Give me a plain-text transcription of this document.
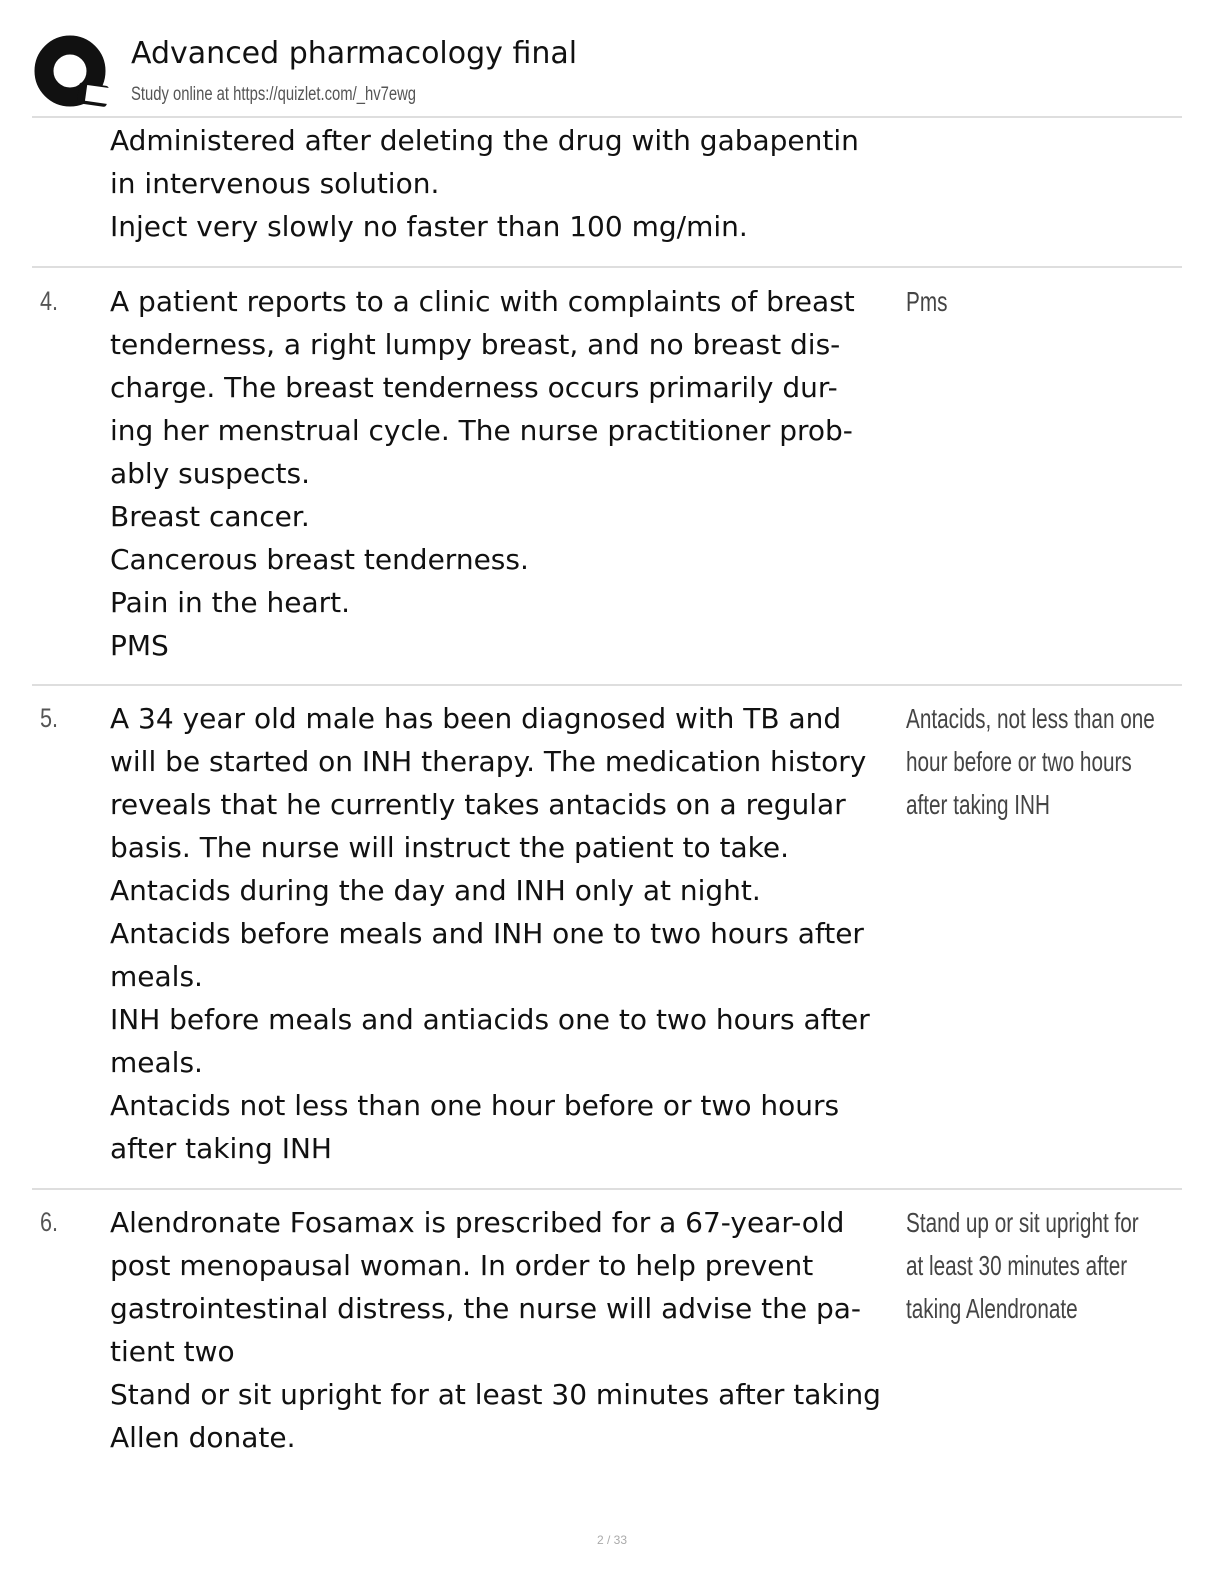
Advanced pharmacology final
Study online at https://quizlet.com/_hv7ewg
Administered after deleting the drug with gabapentin
in intervenous solution.
Inject very slowly no faster than 100 mg/min.
4. A patient reports to a clinic with complaints of breast
tenderness, a right lumpy breast, and no breast dis-
charge. The breast tenderness occurs primarily dur-
ing her menstrual cycle. The nurse practitioner prob-
ably suspects.
Breast cancer.
Cancerous breast tenderness.
Pain in the heart.
PMS
Pms
5. A 34 year old male has been diagnosed with TB and
will be started on INH therapy. The medication history
reveals that he currently takes antacids on a regular
basis. The nurse will instruct the patient to take.
Antacids during the day and INH only at night.
Antacids before meals and INH one to two hours after
meals.
INH before meals and antiacids one to two hours after
meals.
Antacids not less than one hour before or two hours
after taking INH
Antacids, not less than one
hour before or two hours
after taking INH
6. Alendronate Fosamax is prescribed for a 67-year-old
post menopausal woman. In order to help prevent
gastrointestinal distress, the nurse will advise the pa-
tient two
Stand or sit upright for at least 30 minutes after taking
Allen donate.
Stand up or sit upright for
at least 30 minutes after
taking Alendronate
2 / 33
